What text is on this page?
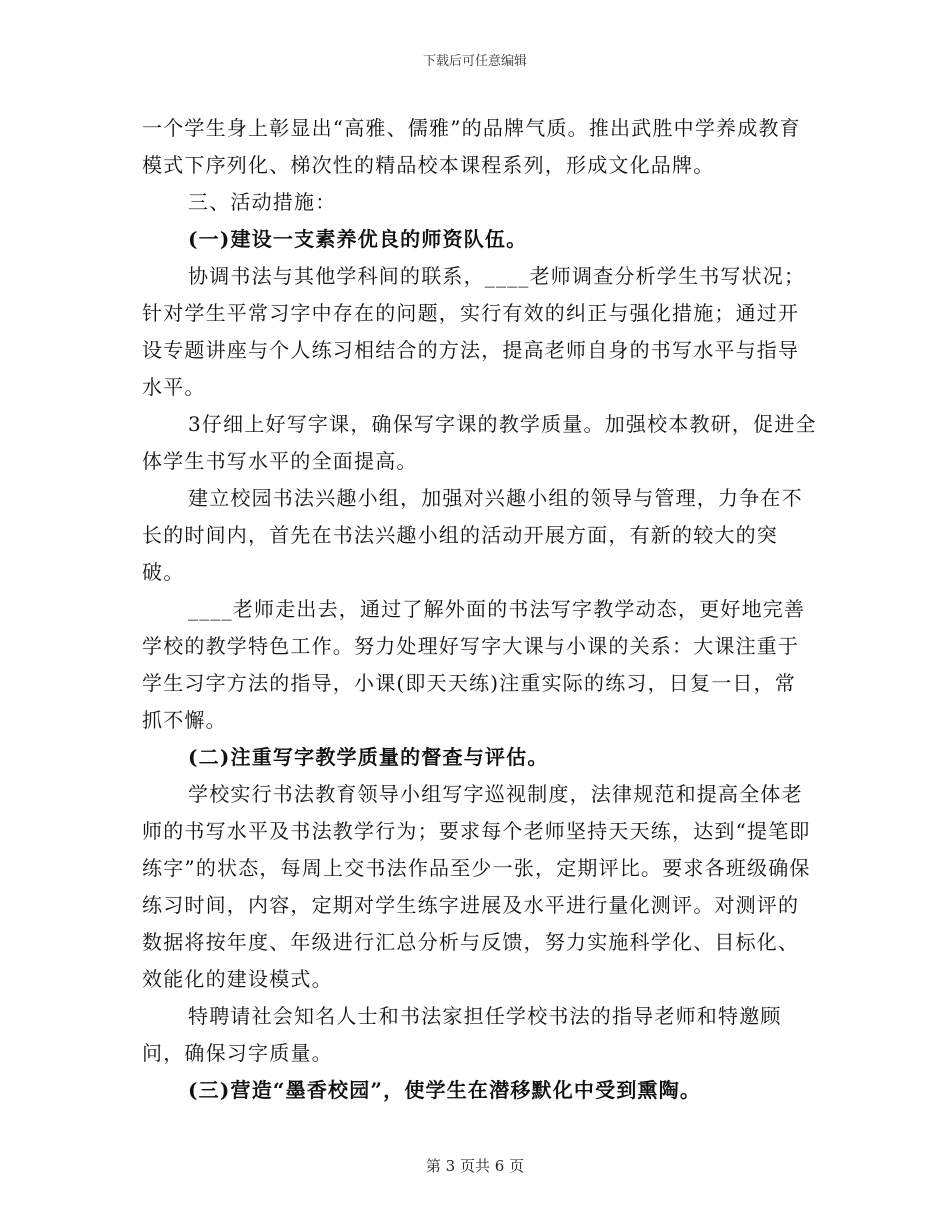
下载后可任意编辑

一个学生身上彰显出“高雅、儒雅”的品牌气质。推出武胜中学养成教育模式下序列化、梯次性的精品校本课程系列，形成文化品牌。

三、活动措施：

(一)建设一支素养优良的师资队伍。

协调书法与其他学科间的联系，____老师调查分析学生书写状况；针对学生平常习字中存在的问题，实行有效的纠正与强化措施；通过开设专题讲座与个人练习相结合的方法，提高老师自身的书写水平与指导水平。

3仔细上好写字课，确保写字课的教学质量。加强校本教研，促进全体学生书写水平的全面提高。

建立校园书法兴趣小组，加强对兴趣小组的领导与管理，力争在不长的时间内，首先在书法兴趣小组的活动开展方面，有新的较大的突破。

____老师走出去，通过了解外面的书法写字教学动态，更好地完善学校的教学特色工作。努力处理好写字大课与小课的关系：大课注重于学生习字方法的指导，小课(即天天练)注重实际的练习，日复一日，常抓不懈。

(二)注重写字教学质量的督查与评估。

学校实行书法教育领导小组写字巡视制度，法律规范和提高全体老师的书写水平及书法教学行为；要求每个老师坚持天天练，达到“提笔即练字”的状态，每周上交书法作品至少一张，定期评比。要求各班级确保练习时间，内容，定期对学生练字进展及水平进行量化测评。对测评的数据将按年度、年级进行汇总分析与反馈，努力实施科学化、目标化、效能化的建设模式。

特聘请社会知名人士和书法家担任学校书法的指导老师和特邀顾问，确保习字质量。

(三)营造“墨香校园”，使学生在潜移默化中受到熏陶。

第 3 页共 6 页
